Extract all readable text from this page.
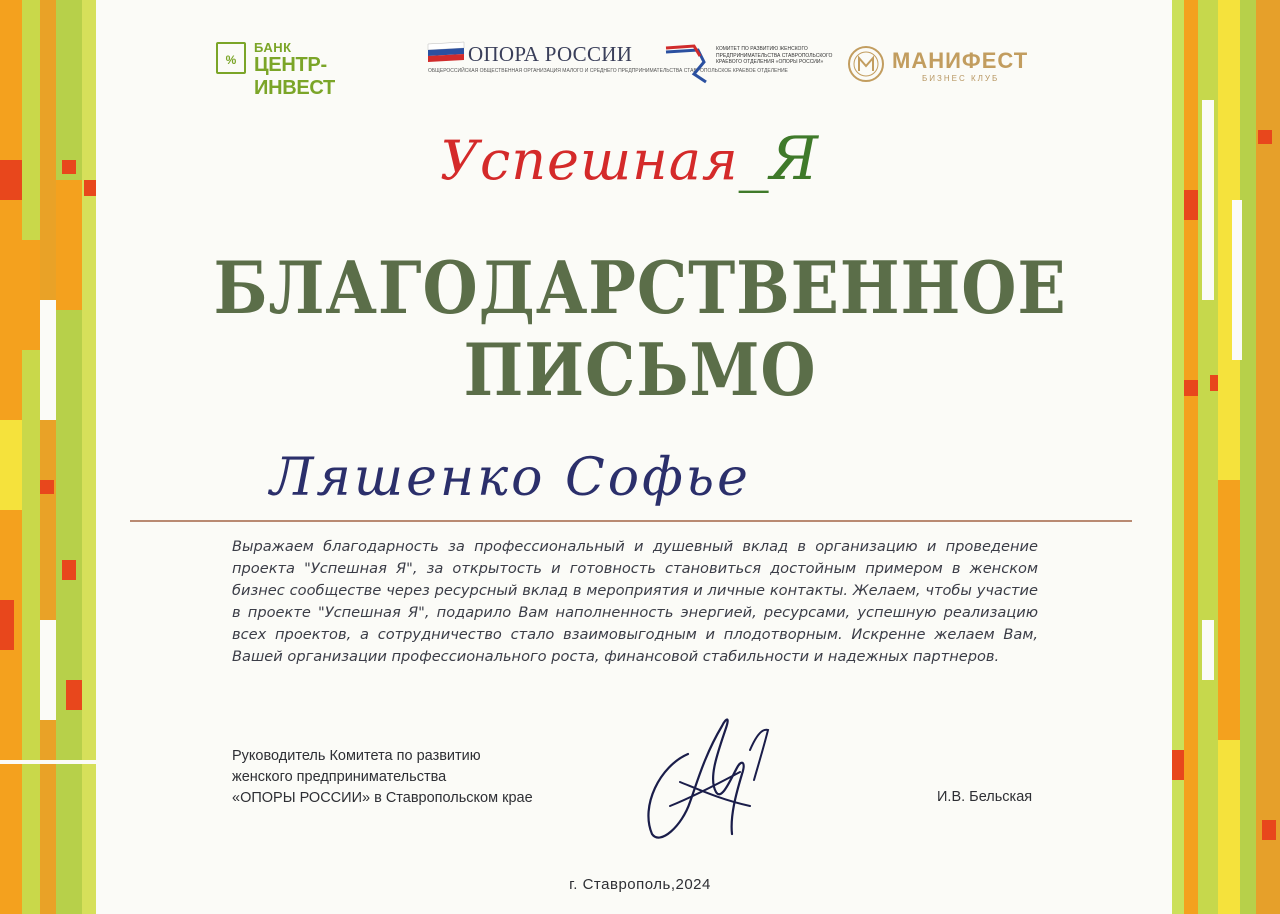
%
БАНК
ЦЕНТР-ИНВЕСТ
ОПОРА РОССИИ
ОБЩЕРОССИЙСКАЯ ОБЩЕСТВЕННАЯ ОРГАНИЗАЦИЯ МАЛОГО И СРЕДНЕГО ПРЕДПРИНИМАТЕЛЬСТВА СТАВРОПОЛЬСКОЕ КРАЕВОЕ ОТДЕЛЕНИЕ
КОМИТЕТ ПО РАЗВИТИЮ ЖЕНСКОГО ПРЕДПРИНИМАТЕЛЬСТВА СТАВРОПОЛЬСКОГО КРАЕВОГО ОТДЕЛЕНИЯ «ОПОРЫ РОССИИ»	МАНИФЕСТ
БИЗНЕС КЛУБ
Успешная_Я
БЛАГОДАРСТВЕННОЕ
ПИСЬМО
Ляшенко Софье
Выражаем благодарность за профессиональный и душевный вклад в организацию и проведение проекта "Успешная Я", за открытость и готовность становиться достойным примером в женском бизнес сообществе через ресурсный вклад в мероприятия и личные контакты. Желаем, чтобы участие в проекте "Успешная Я", подарило Вам наполненность энергией, ресурсами, успешную реализацию всех проектов, а сотрудничество стало взаимовыгодным и плодотворным. Искренне желаем Вам, Вашей организации профессионального роста, финансовой стабильности и надежных партнеров.
Руководитель Комитета по развитию
женского предпринимательства
«ОПОРЫ РОССИИ» в Ставропольском крае	И.В. Бельская
г. Ставрополь,2024
